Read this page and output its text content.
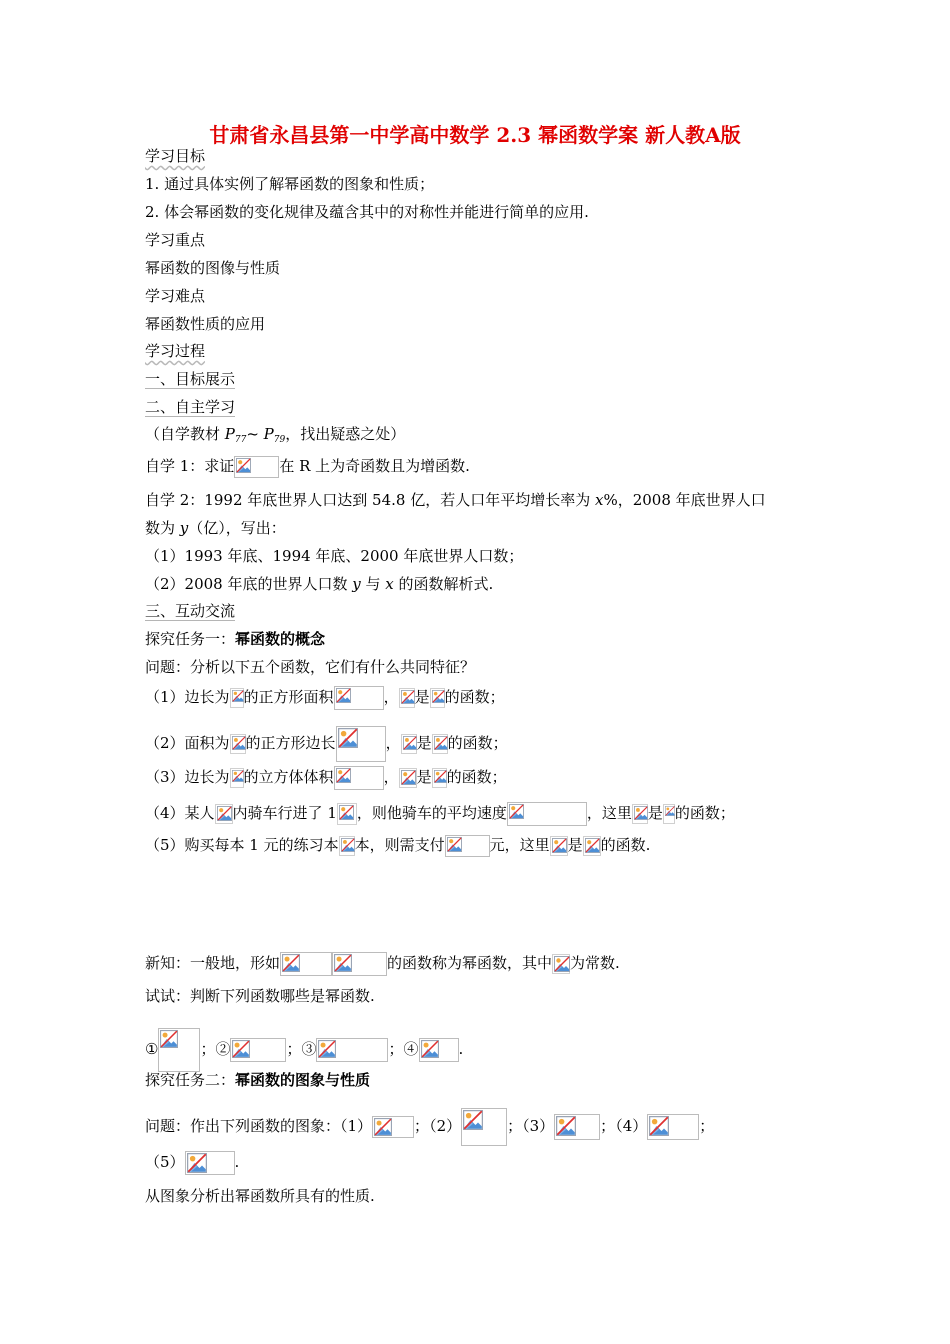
甘肃省永昌县第一中学高中数学 2.3 幂函数学案 新人教A版
学习目标
1. 通过具体实例了解幂函数的图象和性质；
2. 体会幂函数的变化规律及蕴含其中的对称性并能进行简单的应用.
学习重点
幂函数的图像与性质
学习难点
幂函数性质的应用
学习过程
一、目标展示
二、自主学习
（自学教材 $P_{77}\sim$ $P_{79}$，找出疑惑之处）
自学 1：求证	在 R 上为奇函数且为增函数.
自学 2：1992 年底世界人口达到 54.8 亿，若人口年平均增长率为 x%，2008 年底世界人口
数为 y（亿），写出：
（1）1993 年底、1994 年底、2000 年底世界人口数；
（2）2008 年底的世界人口数 y 与 x 的函数解析式.
三、互动交流
探究任务一：幂函数的概念
问题：分析以下五个函数，它们有什么共同特征？
（1）边长为 的正方形面积	， 是 的函数；
（2）面积为 的正方形边长	， 是 的函数；
（3）边长为 的立方体体积	， 是 的函数；
（4）某人 内骑车行进了 1 ，则他骑车的平均速度	，这里 是 的函数；
（5）购买每本 1 元的练习本 本，则需支付	元，这里 是 的函数.
新知：一般地，形如	的函数称为幂函数，其中 为常数.
试试：判断下列函数哪些是幂函数.
①	；②	；③	；④	.
探究任务二：幂函数的图象与性质
问题：作出下列函数的图象：（1）	；（2）	；（3）	；（4）	；
（5）	.
从图象分析出幂函数所具有的性质.
